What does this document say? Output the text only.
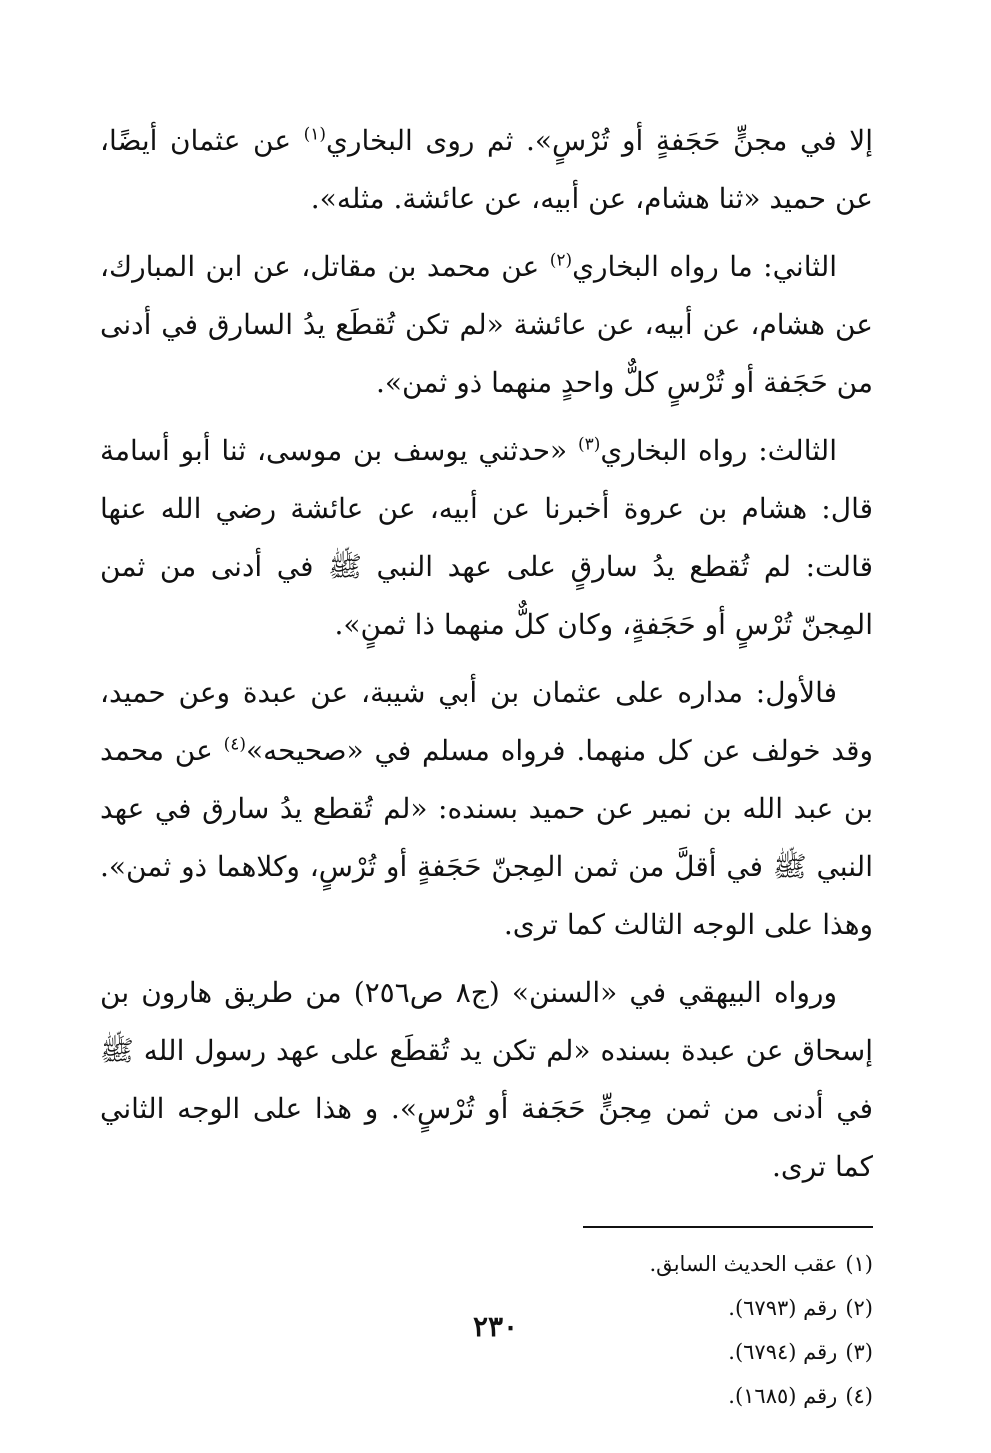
إلا في مجنٍّ حَجَفةٍ أو تُرْسٍ». ثم روى البخاري$^{(١)}$ عن عثمان أيضًا، عن حميد «ثنا هشام، عن أبيه، عن عائشة. مثله».

الثاني: ما رواه البخاري$^{(٢)}$ عن محمد بن مقاتل، عن ابن المبارك، عن هشام، عن أبيه، عن عائشة «لم تكن تُقطَع يدُ السارق في أدنى من حَجَفة أو تُرْسٍ كلٌّ واحدٍ منهما ذو ثمن».

الثالث: رواه البخاري$^{(٣)}$ «حدثني يوسف بن موسى، ثنا أبو أسامة قال: هشام بن عروة أخبرنا عن أبيه، عن عائشة رضي الله عنها قالت: لم تُقطع يدُ سارقٍ على عهد النبي ﷺ في أدنى من ثمن المِجنّ تُرْسٍ أو حَجَفةٍ، وكان كلٌّ منهما ذا ثمنٍ».

فالأول: مداره على عثمان بن أبي شيبة، عن عبدة وعن حميد، وقد خولف عن كل منهما. فرواه مسلم في «صحيحه»$^{(٤)}$ عن محمد بن عبد الله بن نمير عن حميد بسنده: «لم تُقطع يدُ سارق في عهد النبي ﷺ في أقلَّ من ثمن المِجنّ حَجَفةٍ أو تُرْسٍ، وكلاهما ذو ثمن». وهذا على الوجه الثالث كما ترى.

ورواه البيهقي في «السنن» (ج٨ ص٢٥٦) من طريق هارون بن إسحاق عن عبدة بسنده «لم تكن يد تُقطَع على عهد رسول الله ﷺ في أدنى من ثمن مِجنٍّ حَجَفة أو تُرْسٍ». و هذا على الوجه الثاني كما ترى.

(١)عقب الحديث السابق.

(٢)رقم (٦٧٩٣).

(٣)رقم (٦٧٩٤).

(٤)رقم (١٦٨٥).

٢٣٠
